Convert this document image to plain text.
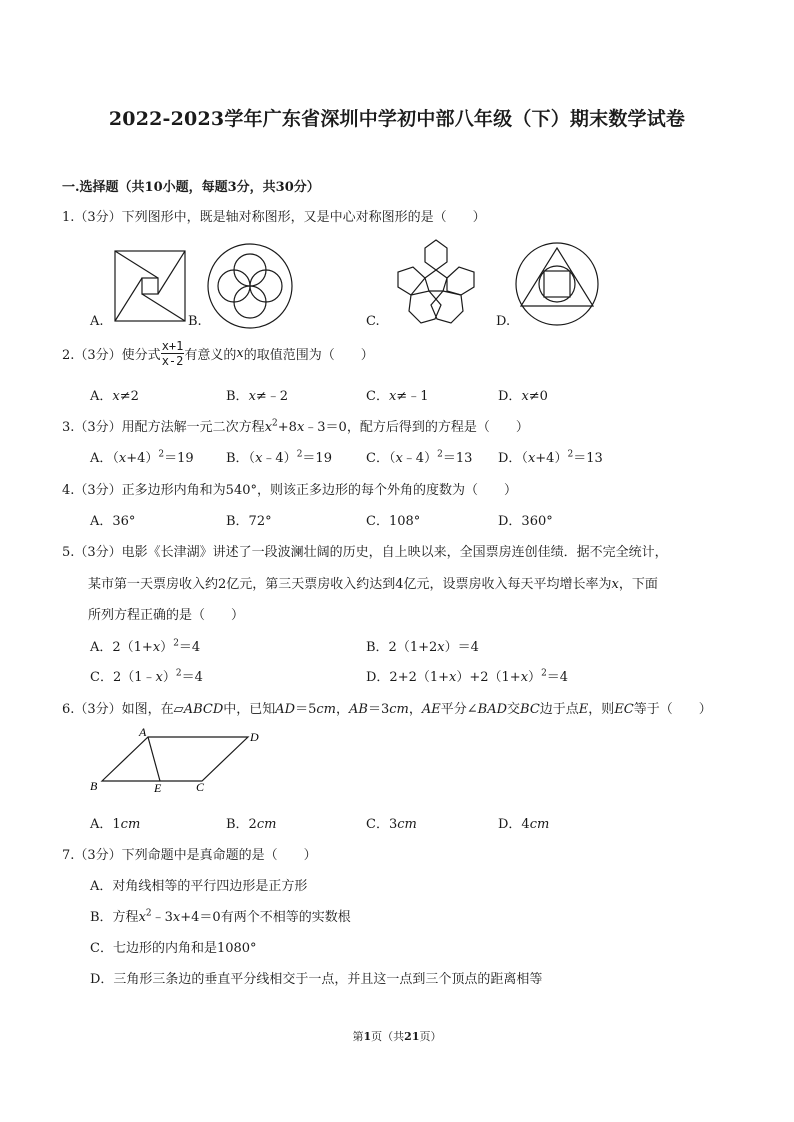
2022-2023学年广东省深圳中学初中部八年级（下）期末数学试卷
一.选择题（共10小题，每题3分，共30分）
1.（3分）下列图形中，既是轴对称图形，又是中心对称图形的是（　　）
A.	B.	C.	D.
2.（3分）使分式 $\frac{x+1}{x-2}$ 有意义的x的取值范围为（　　）
A．x≠2	B．x≠﹣2	C．x≠﹣1	D．x≠0
3.（3分）用配方法解一元二次方程$x^2+8x﹣3=0$，配方后得到的方程是（　　）
A．$(x+4)^2=19$ B．（x﹣4）$^2$＝19	C．（x﹣4）$^2$＝13 D．$(x+4)^2=13$
4.（3分）正多边形内角和为540°，则该正多边形的每个外角的度数为（　　）
A．36°	B．72°	C．108°	D．360°
5.（3分）电影《长津湖》讲述了一段波澜壮阔的历史，自上映以来，全国票房连创佳绩．据不完全统计，
某市第一天票房收入约2亿元，第三天票房收入约达到4亿元，设票房收入每天平均增长率为x，下面
所列方程正确的是（　　）
A．$2(1+x)^2=4$	B．2（1+2x）＝4
C．2（1﹣x）$^2$＝4	D．$2+2(1+x)+2(1+x)^2=4$
6.（3分）如图，在▱ABCD中，已知AD＝5cm，AB＝3cm，AE平分∠BAD交BC边于点E，则EC等于（　　）
A	D
B	E	C
A．1cm	B．2cm	C．3cm	D．4cm
7.（3分）下列命题中是真命题的是（　　）
A．对角线相等的平行四边形是正方形
B．方程$x^2﹣3x+4=0$有两个不相等的实数根
C．七边形的内角和是1080°
D．三角形三条边的垂直平分线相交于一点，并且这一点到三个顶点的距离相等
第1页（共21页）
